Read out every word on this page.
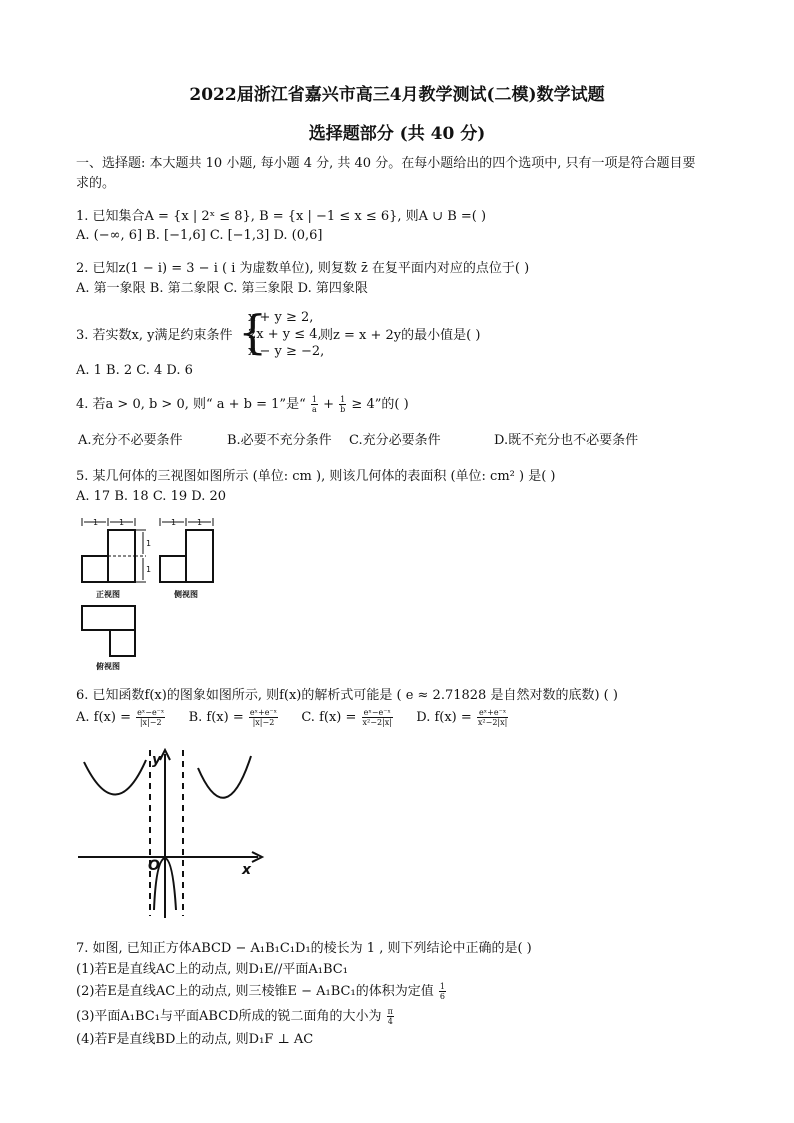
2022届浙江省嘉兴市高三4月教学测试(二模)数学试题
选择题部分 (共 40 分)
一、选择题: 本大题共 10 小题, 每小题 4 分, 共 40 分。在每小题给出的四个选项中, 只有一项是符合题目要
求的。
1. 已知集合A = {x | 2ˣ ≤ 8}, B = {x | −1 ≤ x ≤ 6}, 则A ∪ B =( )
A. (−∞, 6] B. [−1,6] C. [−1,3] D. (0,6]
2. 已知z(1 − i) = 3 − i ( i 为虚数单位), 则复数 z̄ 在复平面内对应的点位于( )
A. 第一象限 B. 第二象限 C. 第三象限 D. 第四象限
3. 若实数x, y满足约束条件 {
x + y ≥ 2,
2x + y ≤ 4,
x − y ≥ −2,
则z = x + 2y的最小值是( )
A. 1 B. 2 C. 4 D. 6
4. 若a > 0, b > 0, 则“ a + b = 1”是“ $\frac{1}{a} + \frac{1}{b} \ge 4$”的( )
A.充分不必要条件	B.必要不充分条件 C.充分必要条件	D.既不充分也不必要条件
5. 某几何体的三视图如图所示 (单位: cm ), 则该几何体的表面积 (单位: cm² ) 是( )
A. 17 B. 18 C. 19 D. 20
1	1	1	1
1
1
正视图	侧视图
俯视图
6. 已知函数f(x)的图象如图所示, 则f(x)的解析式可能是 ( e ≈ 2.71828 是自然对数的底数) ( )
A. $f(x) = \frac{\text{eˣ−e⁻ˣ}}{|x|-2} B$. $f(x) = \frac{\text{eˣ+e⁻ˣ}}{|x|-2} C$. $f(x) = \frac{\text{eˣ−e⁻ˣ}}{\text{x²−2|x|}} D$. $f(x) = \frac{\text{eˣ+e⁻ˣ}}{\text{x²−2|x|}}$
y
x
O
7. 如图, 已知正方体ABCD − A₁B₁C₁D₁的棱长为 1 , 则下列结论中正确的是( )
(1)若E是直线AC上的动点, 则D₁E//平面A₁BC₁
(2)若E是直线AC上的动点, 则三棱锥E − A₁BC₁的体积为定值 $\frac{1}{6}$
(3)平面A₁BC₁与平面ABCD所成的锐二面角的大小为 $\frac{\pi}{4}$
(4)若F是直线BD上的动点, 则D₁F ⊥ AC
